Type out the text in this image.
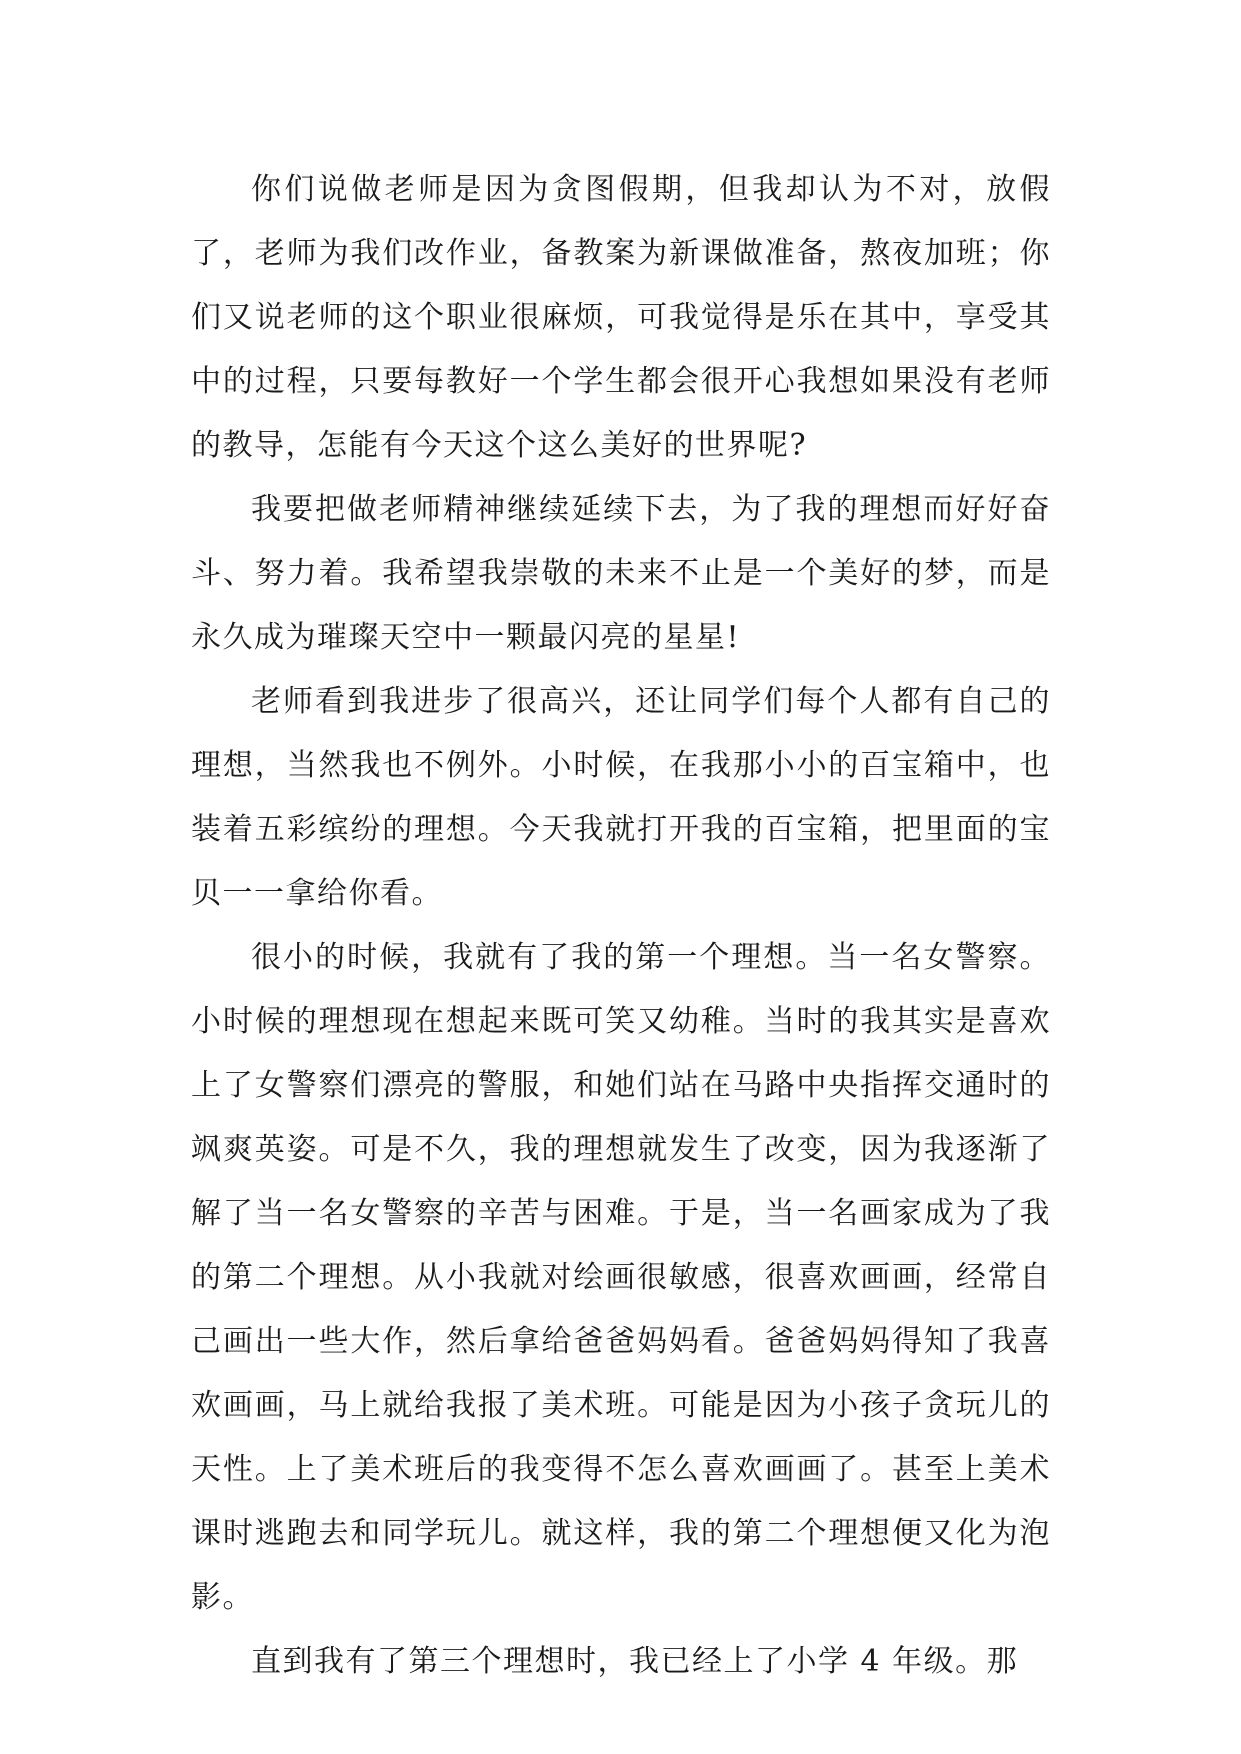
你们说做老师是因为贪图假期，但我却认为不对，放假了，老师为我们改作业，备教案为新课做准备，熬夜加班；你们又说老师的这个职业很麻烦，可我觉得是乐在其中，享受其中的过程，只要每教好一个学生都会很开心我想如果没有老师的教导，怎能有今天这个这么美好的世界呢?

我要把做老师精神继续延续下去，为了我的理想而好好奋斗、努力着。我希望我崇敬的未来不止是一个美好的梦，而是永久成为璀璨天空中一颗最闪亮的星星!

老师看到我进步了很高兴，还让同学们每个人都有自己的理想，当然我也不例外。小时候，在我那小小的百宝箱中，也装着五彩缤纷的理想。今天我就打开我的百宝箱，把里面的宝贝一一拿给你看。

很小的时候，我就有了我的第一个理想。当一名女警察。小时候的理想现在想起来既可笑又幼稚。当时的我其实是喜欢上了女警察们漂亮的警服，和她们站在马路中央指挥交通时的飒爽英姿。可是不久，我的理想就发生了改变，因为我逐渐了解了当一名女警察的辛苦与困难。于是，当一名画家成为了我的第二个理想。从小我就对绘画很敏感，很喜欢画画，经常自己画出一些大作，然后拿给爸爸妈妈看。爸爸妈妈得知了我喜欢画画，马上就给我报了美术班。可能是因为小孩子贪玩儿的天性。上了美术班后的我变得不怎么喜欢画画了。甚至上美术课时逃跑去和同学玩儿。就这样，我的第二个理想便又化为泡影。

直到我有了第三个理想时，我已经上了小学 4 年级。那
